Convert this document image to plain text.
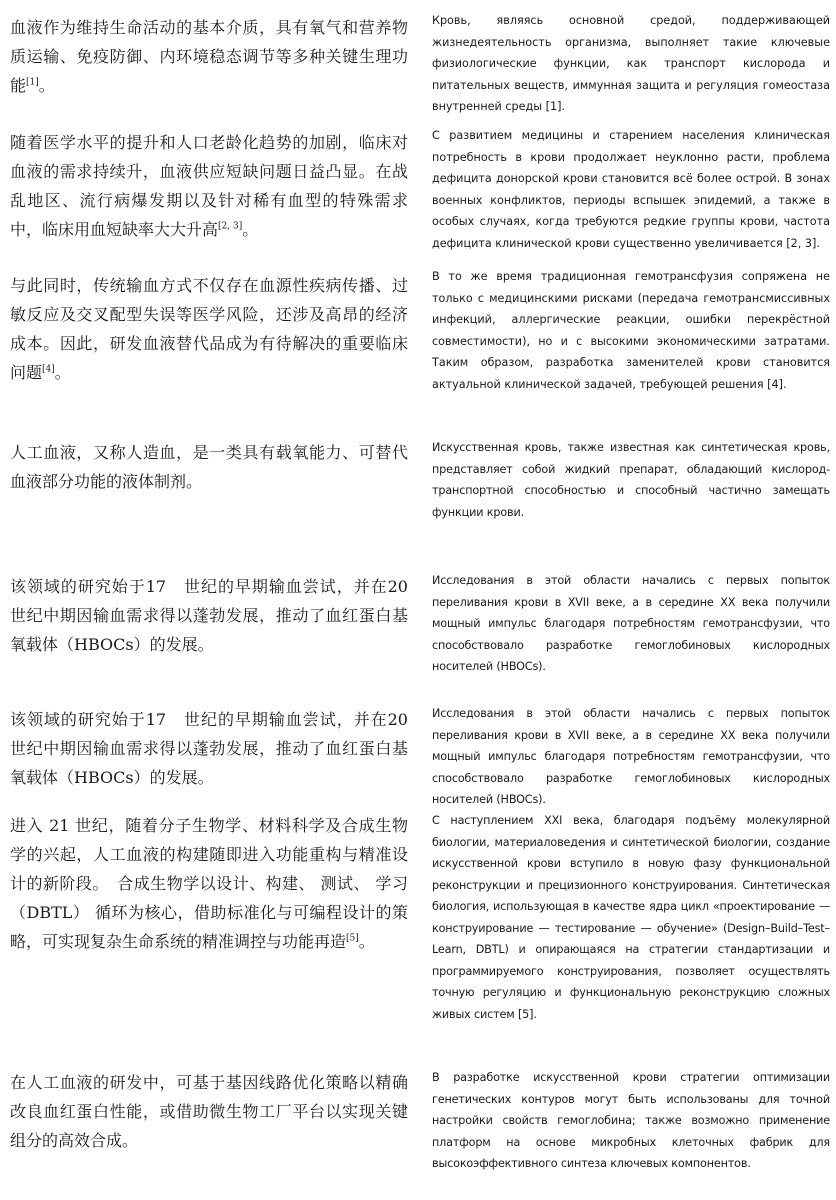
血液作为维持生命活动的基本介质，具有氧气和营养物质运输、免疫防御、内环境稳态调节等多种关键生理功能[1]。
Кровь, являясь основной средой, поддерживающей жизнедеятельность организма, выполняет такие ключевые физиологические функции, как транспорт кислорода и питательных веществ, иммунная защита и регуляция гомеостаза внутренней среды [1].
随着医学水平的提升和人口老龄化趋势的加剧，临床对血液的需求持续升，血液供应短缺问题日益凸显。在战乱地区、流行病爆发期以及针对稀有血型的特殊需求中，临床用血短缺率大大升高[2, 3]。
С развитием медицины и старением населения клиническая потребность в крови продолжает неуклонно расти, проблема дефицита донорской крови становится всё более острой. В зонах военных конфликтов, периоды вспышек эпидемий, а также в особых случаях, когда требуются редкие группы крови, частота дефицита клинической крови существенно увеличивается [2, 3].
与此同时，传统输血方式不仅存在血源性疾病传播、过敏反应及交叉配型失误等医学风险，还涉及高昂的经济成本。因此，研发血液替代品成为有待解决的重要临床问题[4]。
В то же время традиционная гемотрансфузия сопряжена не только с медицинскими рисками (передача гемотрансмиссивных инфекций, аллергические реакции, ошибки перекрёстной совместимости), но и с высокими экономическими затратами. Таким образом, разработка заменителей крови становится актуальной клинической задачей, требующей решения [4].
人工血液，又称人造血，是一类具有载氧能力、可替代血液部分功能的液体制剂。
Искусственная кровь, также известная как синтетическая кровь, представляет собой жидкий препарат, обладающий кислород-транспортной способностью и способный частично замещать функции крови.
该领域的研究始于17　世纪的早期输血尝试，并在20　世纪中期因输血需求得以蓬勃发展，推动了血红蛋白基氧载体（HBOCs）的发展。
Исследования в этой области начались с первых попыток переливания крови в XVII веке, а в середине XX века получили мощный импульс благодаря потребностям гемотрансфузии, что способствовало разработке гемоглобиновых кислородных носителей (HBOCs).
该领域的研究始于17　世纪的早期输血尝试，并在20　世纪中期因输血需求得以蓬勃发展，推动了血红蛋白基氧载体（HBOCs）的发展。
Исследования в этой области начались с первых попыток переливания крови в XVII веке, а в середине XX века получили мощный импульс благодаря потребностям гемотрансфузии, что способствовало разработке гемоглобиновых кислородных носителей (HBOCs).
进入 21 世纪，随着分子生物学、材料科学及合成生物学的兴起，人工血液的构建随即进入功能重构与精准设计的新阶段。　合成生物学以设计、构建、 测试、 学习（DBTL） 循环为核心，借助标准化与可编程设计的策略，可实现复杂生命系统的精准调控与功能再造[5]。
С наступлением XXI века, благодаря подъёму молекулярной биологии, материаловедения и синтетической биологии, создание искусственной крови вступило в новую фазу функциональной реконструкции и прецизионного конструирования. Синтетическая биология, использующая в качестве ядра цикл «проектирование — конструирование — тестирование — обучение» (Design–Build–Test–Learn, DBTL) и опирающаяся на стратегии стандартизации и программируемого конструирования, позволяет осуществлять точную регуляцию и функциональную реконструкцию сложных живых систем [5].
在人工血液的研发中，可基于基因线路优化策略以精确改良血红蛋白性能，或借助微生物工厂平台以实现关键组分的高效合成。
В разработке искусственной крови стратегии оптимизации генетических контуров могут быть использованы для точной настройки свойств гемоглобина; также возможно применение платформ на основе микробных клеточных фабрик для высокоэффективного синтеза ключевых компонентов.
